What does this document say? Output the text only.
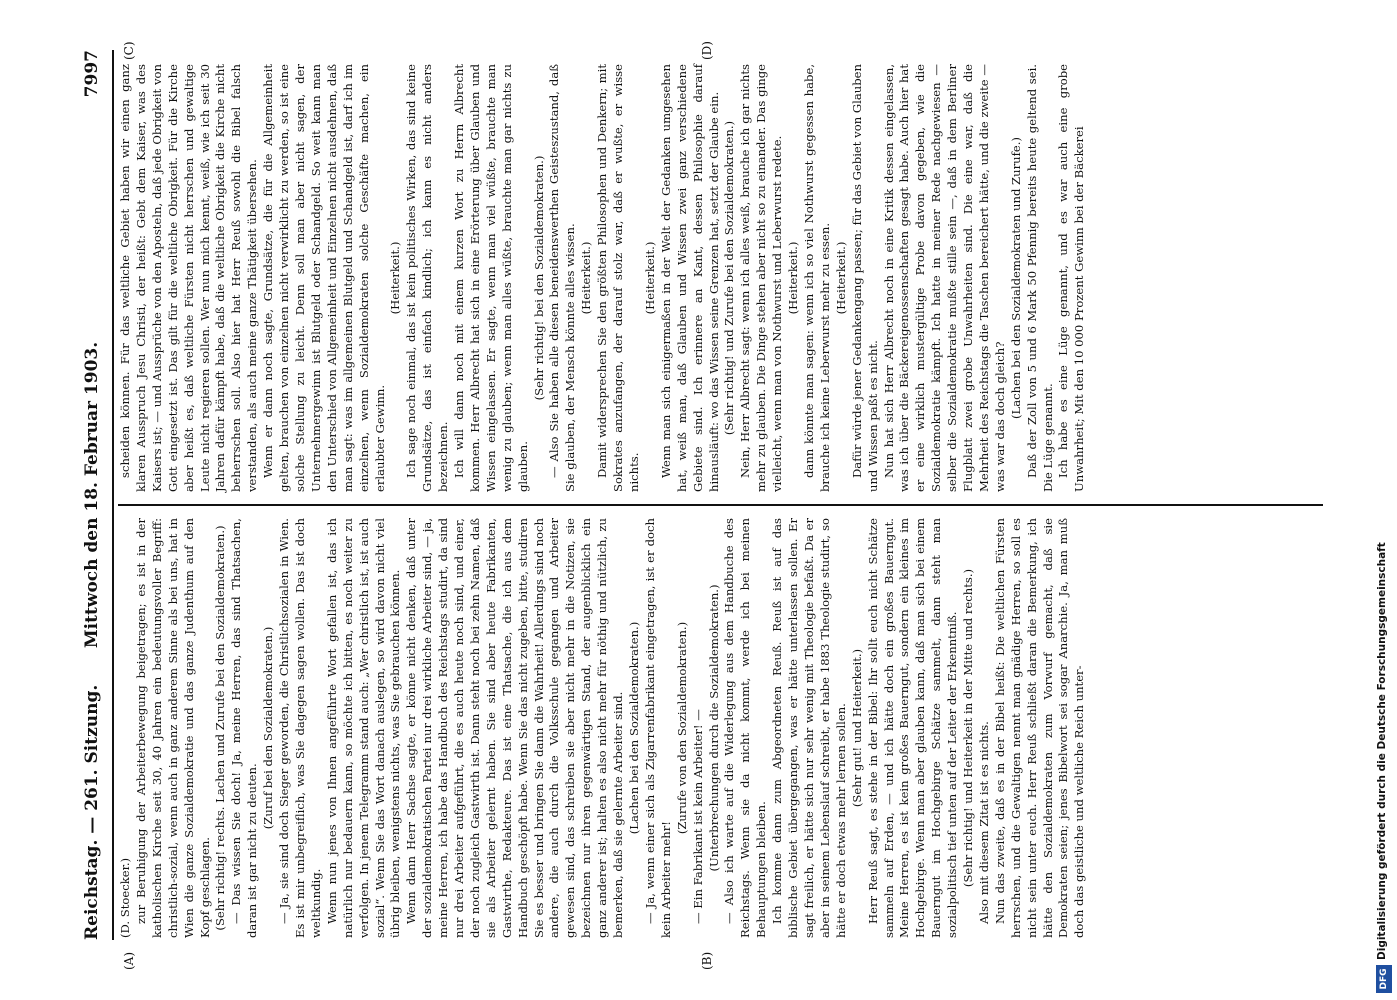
Reichstag. — 261. Sitzung.
Mittwoch den 18. Februar 1903.
7997
(A)	(B)
(C)	(D)

(D. Stoecker.) zur Beruhigung der Arbeiterbewegung beigetragen; es ist in der katholischen Kirche seit 30, 40 Jahren ein bedeutungsvoller Begriff: christlich-sozial, wenn auch in ganz anderem Sinne als bei uns, hat in Wien die ganze Sozialdemokratie und das ganze Judenthum auf den Kopf geschlagen. (Sehr richtig! rechts. Lachen und Zurufe bei den Sozialdemokraten.) — Das wissen Sie doch! Ja, meine Herren, das sind Thatsachen, daran ist gar nicht zu deuten.

(Zuruf bei den Sozialdemokraten.) — Ja, sie sind doch Sieger geworden, die Christlichsozialen in Wien. Es ist mir unbegreiflich, was Sie dagegen sagen wollen. Das ist doch weltkundig. Wenn nun jenes von Ihnen angeführte Wort gefallen ist, das ich natürlich nur bedauern kann, so möchte ich bitten, es noch weiter zu verfolgen. In jenem Telegramm stand auch: „Wer christlich ist, ist auch sozial“. Wenn Sie das Wort danach auslegen, so wird davon nicht viel übrig bleiben, wenigstens nichts, was Sie gebrauchen können. Wenn dann Herr Sachse sagte, er könne nicht denken, daß unter der sozialdemokratischen Partei nur drei wirkliche Arbeiter sind, — ja, meine Herren, ich habe das Handbuch des Reichstags studirt, da sind nur drei Arbeiter aufgeführt, die es auch heute noch sind, und einer, der noch zugleich Gastwirth ist. Dann steht noch bei zehn Namen, daß sie als Arbeiter gelernt haben. Sie sind aber heute Fabrikanten, Gastwirthe, Redakteure. Das ist eine Thatsache, die ich aus dem Handbuch geschöpft habe. Wenn Sie das nicht zugeben, bitte, studiren Sie es besser und bringen Sie dann die Wahrheit! Allerdings sind noch andere, die auch durch die Volksschule gegangen und Arbeiter gewesen sind, das schreiben sie aber nicht mehr in die Notizen, sie bezeichnen nur ihren gegenwärtigen Stand, der augenblicklich ein ganz anderer ist; halten es also nicht mehr für nöthig und nützlich, zu bemerken, daß sie gelernte Arbeiter sind. (Lachen bei den Sozialdemokraten.) — Ja, wenn einer sich als Zigarrenfabrikant eingetragen, ist er doch kein Arbeiter mehr!

(Zurufe von den Sozialdemokraten.) — Ein Fabrikant ist kein Arbeiter! — (Unterbrechungen durch die Sozialdemokraten.) — Also ich warte auf die Widerlegung aus dem Handbuche des Reichstags. Wenn sie da nicht kommt, werde ich bei meinen Behauptungen bleiben. Ich komme dann zum Abgeordneten Reuß. Reuß ist auf das biblische Gebiet übergegangen, was er hätte unterlassen sollen. Er sagt freilich, er hätte sich nur sehr wenig mit Theologie befaßt. Da er aber in seinem Lebenslauf schreibt, er habe 1883 Theologie studirt, so hätte er doch etwas mehr lernen sollen. (Sehr gut! und Heiterkeit.) Herr Reuß sagt, es stehe in der Bibel: Ihr sollt euch nicht Schätze sammeln auf Erden, — und ich hätte doch ein großes Bauerngut. Meine Herren, es ist kein großes Bauerngut, sondern ein kleines im Hochgebirge. Wenn man aber glauben kann, daß man sich bei einem Bauerngut im Hochgebirge Schätze sammelt, dann steht man sozialpolitisch tief unten auf der Leiter der Erkenntniß. (Sehr richtig! und Heiterkeit in der Mitte und rechts.) Also mit diesem Zitat ist es nichts. Nun das zweite, daß es in der Bibel heißt: Die weltlichen Fürsten herrschen, und die Gewaltigen nennt man gnädige Herren, so soll es nicht sein unter euch. Herr Reuß schließt daran die Bemerkung, ich hätte den Sozialdemokraten zum Vorwurf gemacht, daß sie Demokraten seien; jenes Bibelwort sei sogar Anarchie. Ja, man muß doch das geistliche und weltliche Reich unter-

scheiden können. Für das weltliche Gebiet haben wir einen ganz klaren Ausspruch Jesu Christi, der heißt: Gebt dem Kaiser, was des Kaisers ist; — und Aussprüche von den Aposteln, daß jede Obrigkeit von Gott eingesetzt ist. Das gilt für die weltliche Obrigkeit. Für die Kirche aber heißt es, daß weltliche Fürsten nicht herrschen und gewaltige Leute nicht regieren sollen. Wer nun mich kennt, weiß, wie ich seit 30 Jahren dafür kämpft habe, daß die weltliche Obrigkeit die Kirche nicht beherrschen soll. Also hier hat Herr Reuß sowohl die Bibel falsch verstanden, als auch meine ganze Thätigkeit übersehen. Wenn er dann noch sagte, Grundsätze, die für die Allgemeinheit gelten, brauchen von einzelnen nicht verwirklicht zu werden, so ist eine solche Stellung zu leicht. Denn soll man aber nicht sagen, der Unternehmergewinn ist Blutgeld oder Schandgeld. So weit kann man den Unterschied von Allgemeinheit und Einzelnen nicht ausdehnen, daß man sagt: was im allgemeinen Blutgeld und Schandgeld ist, darf ich im einzelnen, wenn Sozialdemokraten solche Geschäfte machen, ein erlaubter Gewinn.

(Heiterkeit.) Ich sage noch einmal, das ist kein politisches Wirken, das sind keine Grundsätze, das ist einfach kindlich; ich kann es nicht anders bezeichnen. Ich will dann noch mit einem kurzen Wort zu Herrn Albrecht kommen. Herr Albrecht hat sich in eine Erörterung über Glauben und Wissen eingelassen. Er sagte, wenn man viel wüßte, brauchte man wenig zu glauben; wenn man alles wüßte, brauchte man gar nichts zu glauben.

(Sehr richtig! bei den Sozialdemokraten.) — Also Sie haben alle diesen beneidenswerthen Geisteszustand, daß Sie glauben, der Mensch könnte alles wissen. (Heiterkeit.) Damit widersprechen Sie den größten Philosophen und Denkern; mit Sokrates anzufangen, der darauf stolz war, daß er wußte, er wisse nichts.

(Heiterkeit.) Wenn man sich einigermaßen in der Welt der Gedanken umgesehen hat, weiß man, daß Glauben und Wissen zwei ganz verschiedene Gebiete sind. Ich erinnere an Kant, dessen Philosophie darauf hinausläuft: wo das Wissen seine Grenzen hat, setzt der Glaube ein. (Sehr richtig! und Zurufe bei den Sozialdemokraten.) Nein, Herr Albrecht sagt: wenn ich alles weiß, brauche ich gar nichts mehr zu glauben. Die Dinge stehen aber nicht so zu einander. Das ginge vielleicht, wenn man von Nothwurst und Leberwurst redete. (Heiterkeit.) dann könnte man sagen: wenn ich so viel Nothwurst gegessen habe, brauche ich keine Leberwurst mehr zu essen. (Heiterkeit.) Dafür würde jener Gedankengang passen; für das Gebiet von Glauben und Wissen paßt es nicht. Nun hat sich Herr Albrecht noch in eine Kritik dessen eingelassen, was ich über die Bäckereigenossenschaften gesagt habe. Auch hier hat er eine wirklich mustergültige Probe davon gegeben, wie die Sozialdemokratie kämpft. Ich hatte in meiner Rede nachgewiesen — selber die Sozialdemokratie mußte stille sein —, daß in dem Berliner Flugblatt zwei grobe Unwahrheiten sind. Die eine war, daß die Mehrheit des Reichstags die Taschen bereichert hätte, und die zweite — was war das doch gleich? (Lachen bei den Sozialdemokraten und Zurufe.) Daß der Zoll von 5 und 6 Mark 50 Pfennig bereits heute geltend sei. Die Lüge genannt. Ich habe es eine Lüge genannt, und es war auch eine grobe Unwahrheit; Mit den 10 000 Prozent Gewinn bei der Bäckerei

DFG
Digitalisierung gefördert durch die Deutsche Forschungsgemeinschaft
